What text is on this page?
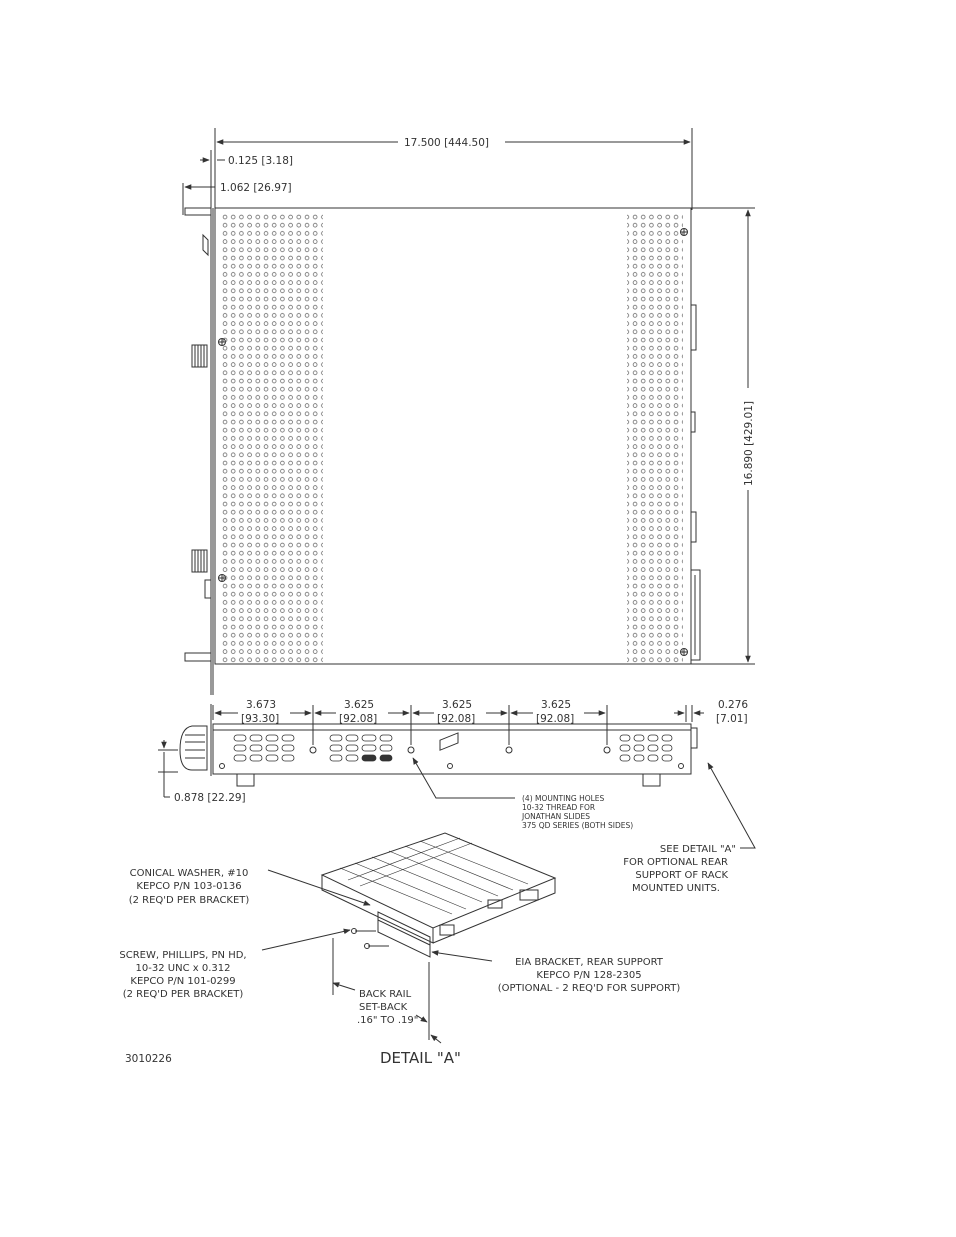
17.500 [444.50]
0.125 [3.18]
1.062 [26.97]
16.890 [429.01]
3.673
[93.30]
3.625
[92.08]
3.625
[92.08]
3.625
[92.08]
0.276
[7.01]
0.878 [22.29]	(4) MOUNTING HOLES
10-32 THREAD FOR
JONATHAN SLIDES
375 QD SERIES (BOTH SIDES)
SEE DETAIL "A"
FOR OPTIONAL REAR
SUPPORT OF RACK
MOUNTED UNITS.
CONICAL WASHER, #10
KEPCO P/N 103-0136
(2 REQ'D PER BRACKET)
SCREW, PHILLIPS, PN HD,
10-32 UNC x 0.312
KEPCO P/N 101-0299
(2 REQ'D PER BRACKET)
EIA BRACKET, REAR SUPPORT
KEPCO P/N 128-2305
(OPTIONAL - 2 REQ'D FOR SUPPORT)
BACK RAIL
SET-BACK
.16" TO .19"
DETAIL "A"
3010226
